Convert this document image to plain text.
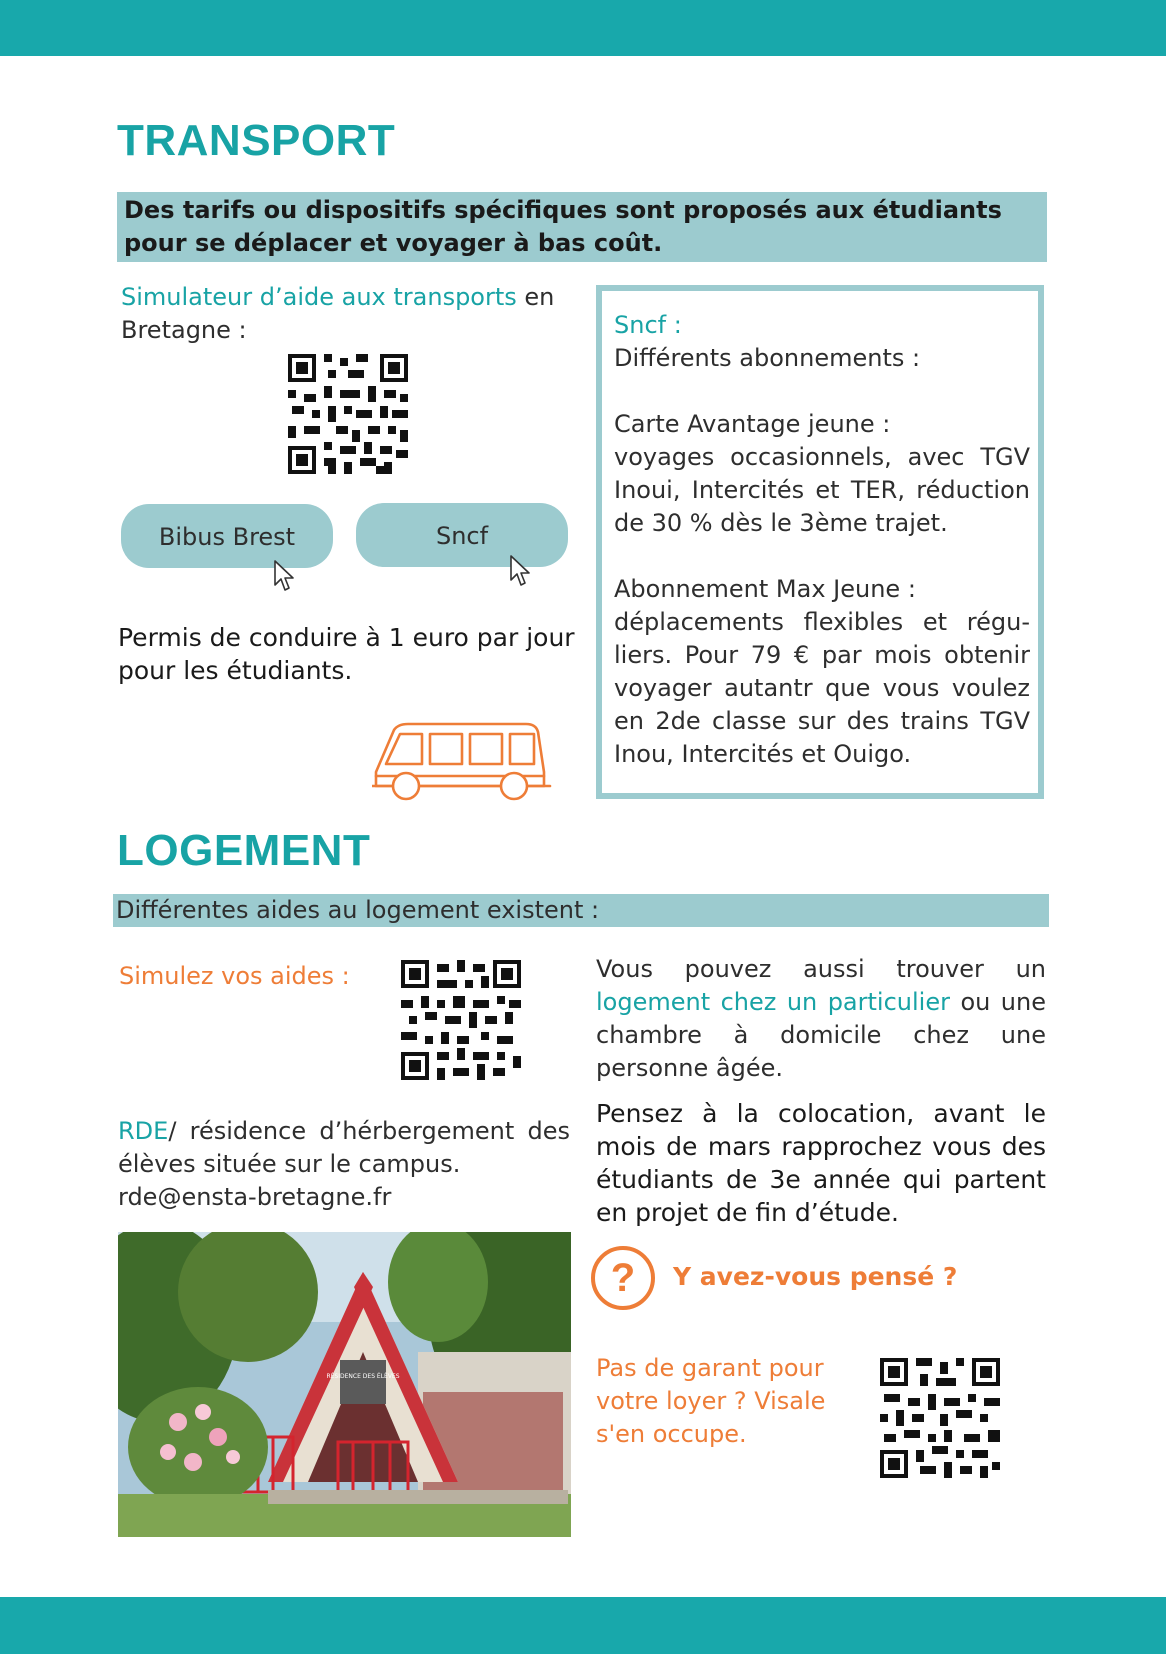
TRANSPORT
Des tarifs ou dispositifs spécifiques sont proposés aux étudiants pour se déplacer et voyager à bas coût.
Simulateur d’aide aux transports en Bretagne :
Bibus Brest	Sncf
Permis de conduire à 1 euro par jour pour les étudiants.
Sncf :
Différents abonnements :
Carte Avantage jeune :
voyages occasionnels, avec TGV Inoui, Intercités et TER, réduction de 30 % dès le 3ème trajet.
Abonnement Max Jeune :
déplacements flexibles et régu-liers. Pour 79 € par mois obtenir voyager autantr que vous voulez en 2de classe sur des trains TGV Inou, Intercités et Ouigo.
LOGEMENT
Différentes aides au logement existent :
Simulez vos aides :
RDE/ résidence d’hérbergement des élèves située sur le campus.
rde@ensta-bretagne.fr
RÉSIDENCE DES ÉLÈVES
Vous pouvez aussi trouver un logement chez un particulier ou une chambre à domicile chez une personne âgée.
Pensez à la colocation, avant le mois de mars rapprochez vous des étudiants de 3e année qui partent en projet de fin d’étude.
?	Y avez-vous pensé ?
Pas de garant pour votre loyer ? Visale s'en occupe.
